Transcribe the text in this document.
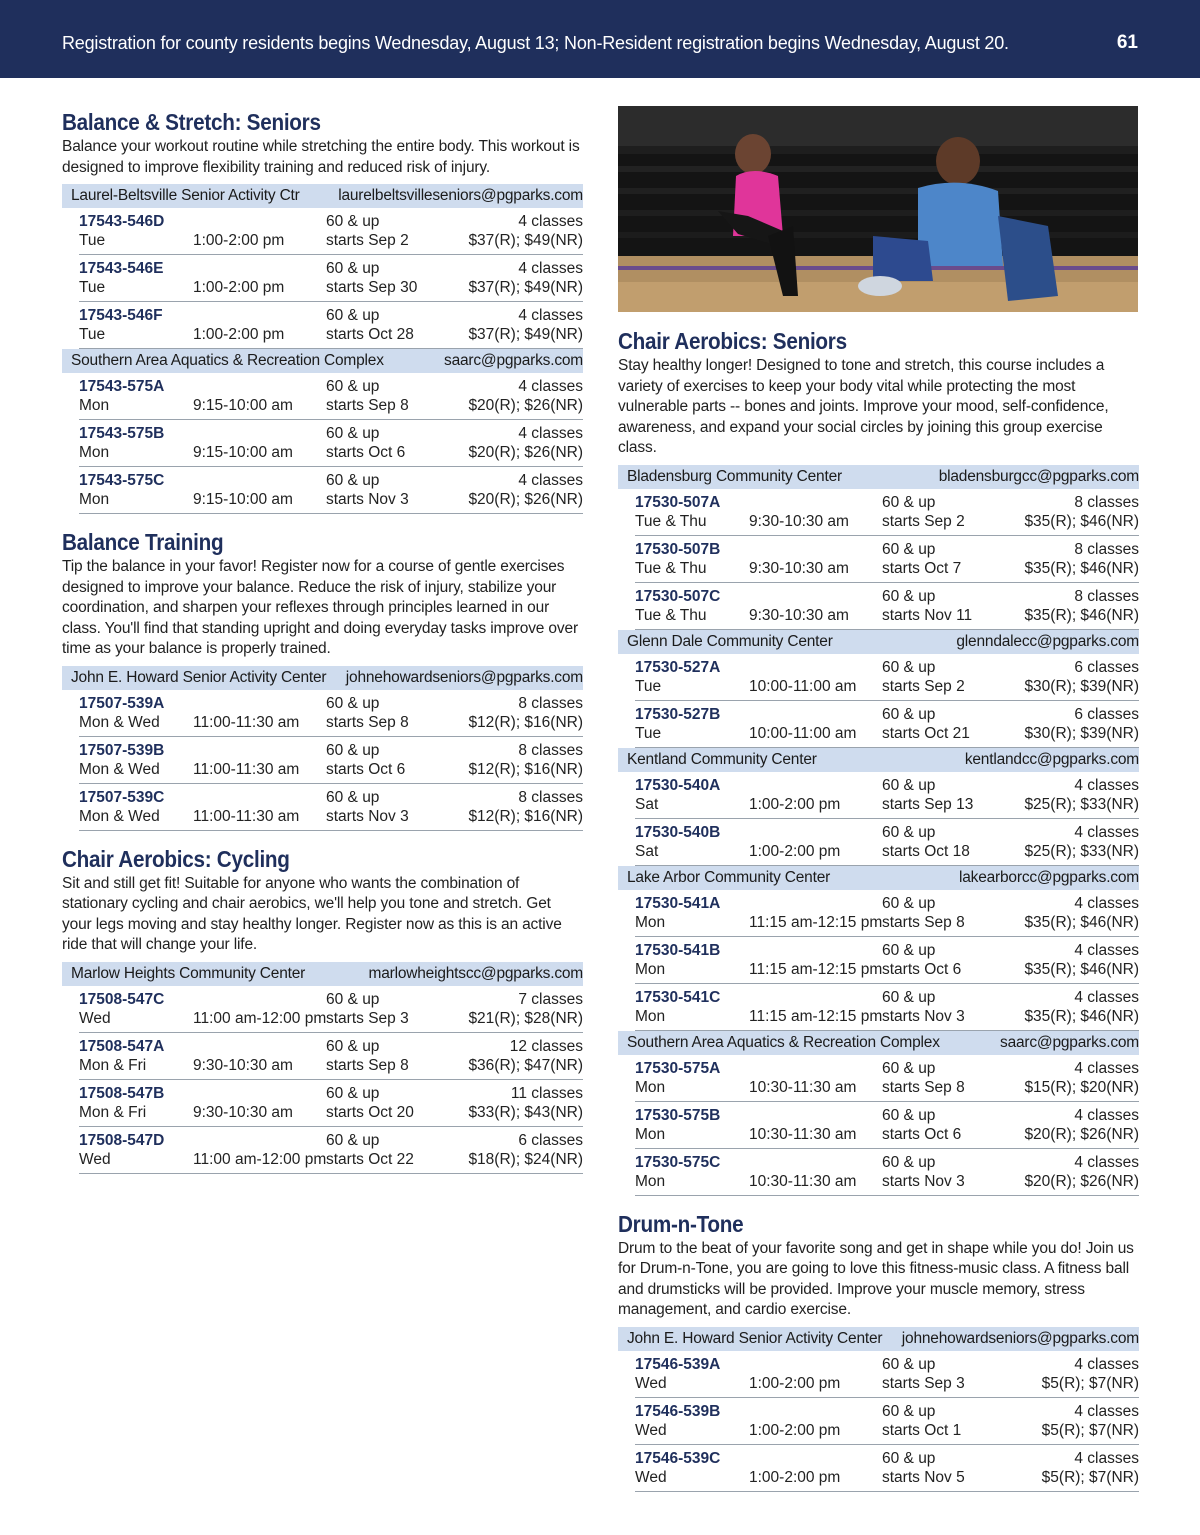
Registration for county residents begins Wednesday, August 13; Non-Resident registration begins Wednesday, August 20.	61
Balance & Stretch: Seniors

Balance your workout routine while stretching the entire body. This workout is designed to improve flexibility training and reduced risk of injury.

Laurel-Beltsville Senior Activity Ctr laurelbeltsvilleseniors@pgparks.com
17543-546D
Tue	1:00-2:00 pm
60 & up
starts Sep 2
4 classes
$37(R); $49(NR)
17543-546E
Tue	1:00-2:00 pm
60 & up
starts Sep 30
4 classes
$37(R); $49(NR)
17543-546F
Tue	1:00-2:00 pm
60 & up
starts Oct 28
4 classes
$37(R); $49(NR)
Southern Area Aquatics & Recreation Complex	saarc@pgparks.com
17543-575A
Mon	9:15-10:00 am
60 & up
starts Sep 8
4 classes
$20(R); $26(NR)
17543-575B
Mon	9:15-10:00 am
60 & up
starts Oct 6
4 classes
$20(R); $26(NR)
17543-575C
Mon	9:15-10:00 am
60 & up
starts Nov 3
4 classes
$20(R); $26(NR)
Balance Training

Tip the balance in your favor! Register now for a course of gentle exercises designed to improve your balance. Reduce the risk of injury, stabilize your coordination, and sharpen your reflexes through principles learned in our class. You'll find that standing upright and doing everyday tasks improve over time as your balance is properly trained.

John E. Howard Senior Activity Center johnehowardseniors@pgparks.com
17507-539A
Mon & Wed 11:00-11:30 am
60 & up
starts Sep 8
8 classes
$12(R); $16(NR)
17507-539B
Mon & Wed 11:00-11:30 am
60 & up
starts Oct 6
8 classes
$12(R); $16(NR)
17507-539C
Mon & Wed 11:00-11:30 am
60 & up
starts Nov 3
8 classes
$12(R); $16(NR)
Chair Aerobics: Cycling

Sit and still get fit! Suitable for anyone who wants the combination of stationary cycling and chair aerobics, we'll help you tone and stretch. Get your legs moving and stay healthy longer. Register now as this is an active ride that will change your life.

Marlow Heights Community Center	marlowheightscc@pgparks.com
17508-547C
Wed	11:00 am-12:00 pm
60 & up
starts Sep 3
7 classes
$21(R); $28(NR)
17508-547A
Mon & Fri	9:30-10:30 am
60 & up
starts Sep 8
12 classes
$36(R); $47(NR)
17508-547B
Mon & Fri	9:30-10:30 am
60 & up
starts Oct 20
11 classes
$33(R); $43(NR)
17508-547D
Wed	11:00 am-12:00 pm
60 & up
starts Oct 22
6 classes
$18(R); $24(NR)
Chair Aerobics: Seniors

Stay healthy longer! Designed to tone and stretch, this course includes a variety of exercises to keep your body vital while protecting the most vulnerable parts -- bones and joints. Improve your mood, self-confidence, awareness, and expand your social circles by joining this group exercise class.

Bladensburg Community Center	bladensburgcc@pgparks.com
17530-507A
Tue & Thu	9:30-10:30 am
60 & up
starts Sep 2
8 classes
$35(R); $46(NR)
17530-507B
Tue & Thu	9:30-10:30 am
60 & up
starts Oct 7
8 classes
$35(R); $46(NR)
17530-507C
Tue & Thu	9:30-10:30 am
60 & up
starts Nov 11
8 classes
$35(R); $46(NR)
Glenn Dale Community Center	glenndalecc@pgparks.com
17530-527A
Tue	10:00-11:00 am
60 & up
starts Sep 2
6 classes
$30(R); $39(NR)
17530-527B
Tue	10:00-11:00 am
60 & up
starts Oct 21
6 classes
$30(R); $39(NR)
Kentland Community Center	kentlandcc@pgparks.com
17530-540A
Sat	1:00-2:00 pm
60 & up
starts Sep 13
4 classes
$25(R); $33(NR)
17530-540B
Sat	1:00-2:00 pm
60 & up
starts Oct 18
4 classes
$25(R); $33(NR)
Lake Arbor Community Center	lakearborcc@pgparks.com
17530-541A
Mon	11:15 am-12:15 pm
60 & up
starts Sep 8
4 classes
$35(R); $46(NR)
17530-541B
Mon	11:15 am-12:15 pm
60 & up
starts Oct 6
4 classes
$35(R); $46(NR)
17530-541C
Mon	11:15 am-12:15 pm
60 & up
starts Nov 3
4 classes
$35(R); $46(NR)
Southern Area Aquatics & Recreation Complex	saarc@pgparks.com
17530-575A
Mon	10:30-11:30 am
60 & up
starts Sep 8
4 classes
$15(R); $20(NR)
17530-575B
Mon	10:30-11:30 am
60 & up
starts Oct 6
4 classes
$20(R); $26(NR)
17530-575C
Mon	10:30-11:30 am
60 & up
starts Nov 3
4 classes
$20(R); $26(NR)
Drum-n-Tone

Drum to the beat of your favorite song and get in shape while you do! Join us for Drum-n-Tone, you are going to love this fitness-music class. A fitness ball and drumsticks will be provided. Improve your muscle memory, stress management, and cardio exercise.

John E. Howard Senior Activity Center johnehowardseniors@pgparks.com
17546-539A
Wed	1:00-2:00 pm
60 & up
starts Sep 3
4 classes
$5(R); $7(NR)
17546-539B
Wed	1:00-2:00 pm
60 & up
starts Oct 1
4 classes
$5(R); $7(NR)
17546-539C
Wed	1:00-2:00 pm
60 & up
starts Nov 5
4 classes
$5(R); $7(NR)
